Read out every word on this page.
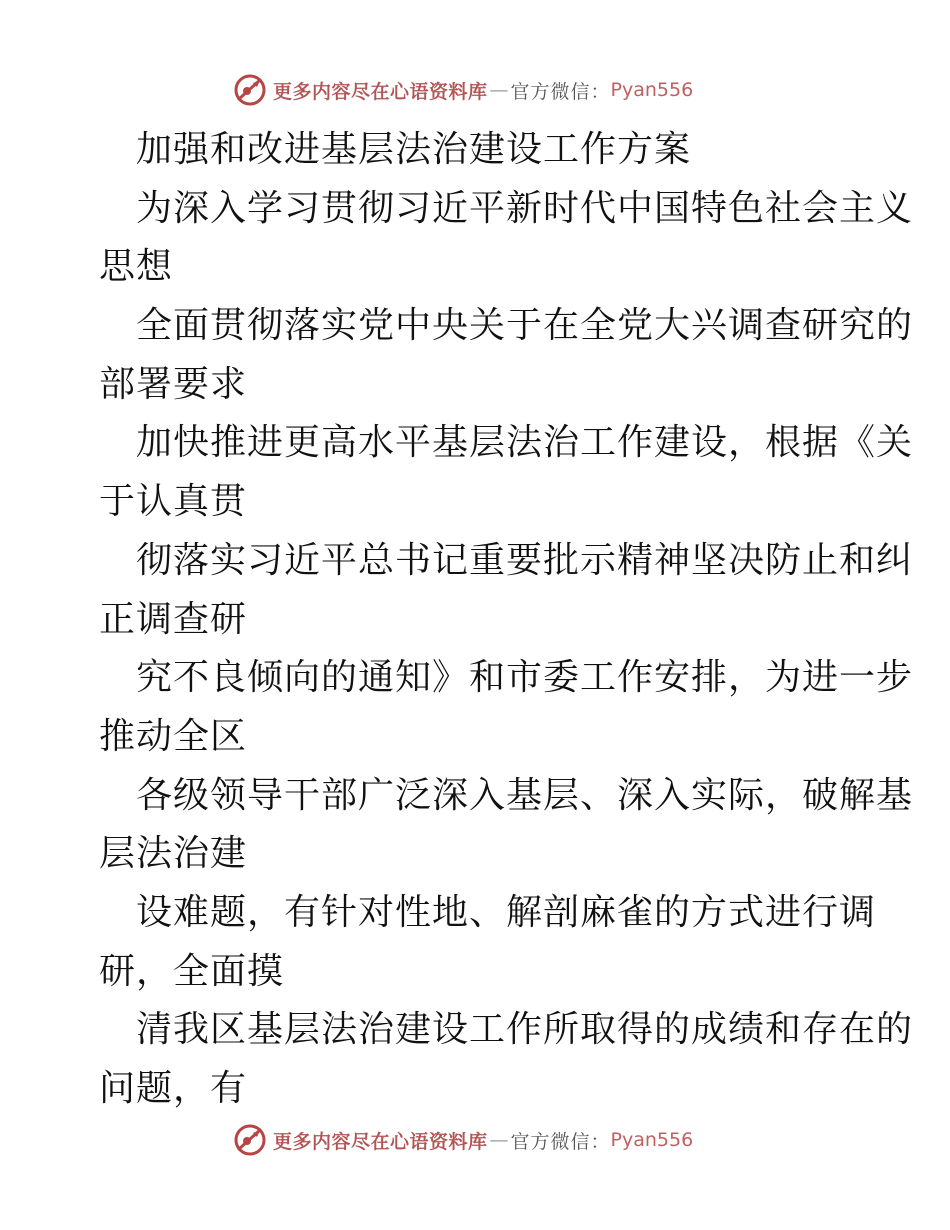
更多内容尽在心语资料库 — 官方微信： Pyan556
加强和改进基层法治建设工作方案
为深入学习贯彻习近平新时代中国特色社会主义
思想
全面贯彻落实党中央关于在全党大兴调查研究的
部署要求
加快推进更高水平基层法治工作建设，根据《关
于认真贯
彻落实习近平总书记重要批示精神坚决防止和纠
正调查研
究不良倾向的通知》和市委工作安排，为进一步
推动全区
各级领导干部广泛深入基层、深入实际，破解基
层法治建
设难题，有针对性地、解剖麻雀的方式进行调
研，全面摸
清我区基层法治建设工作所取得的成绩和存在的
问题，有
更多内容尽在心语资料库 — 官方微信： Pyan556
